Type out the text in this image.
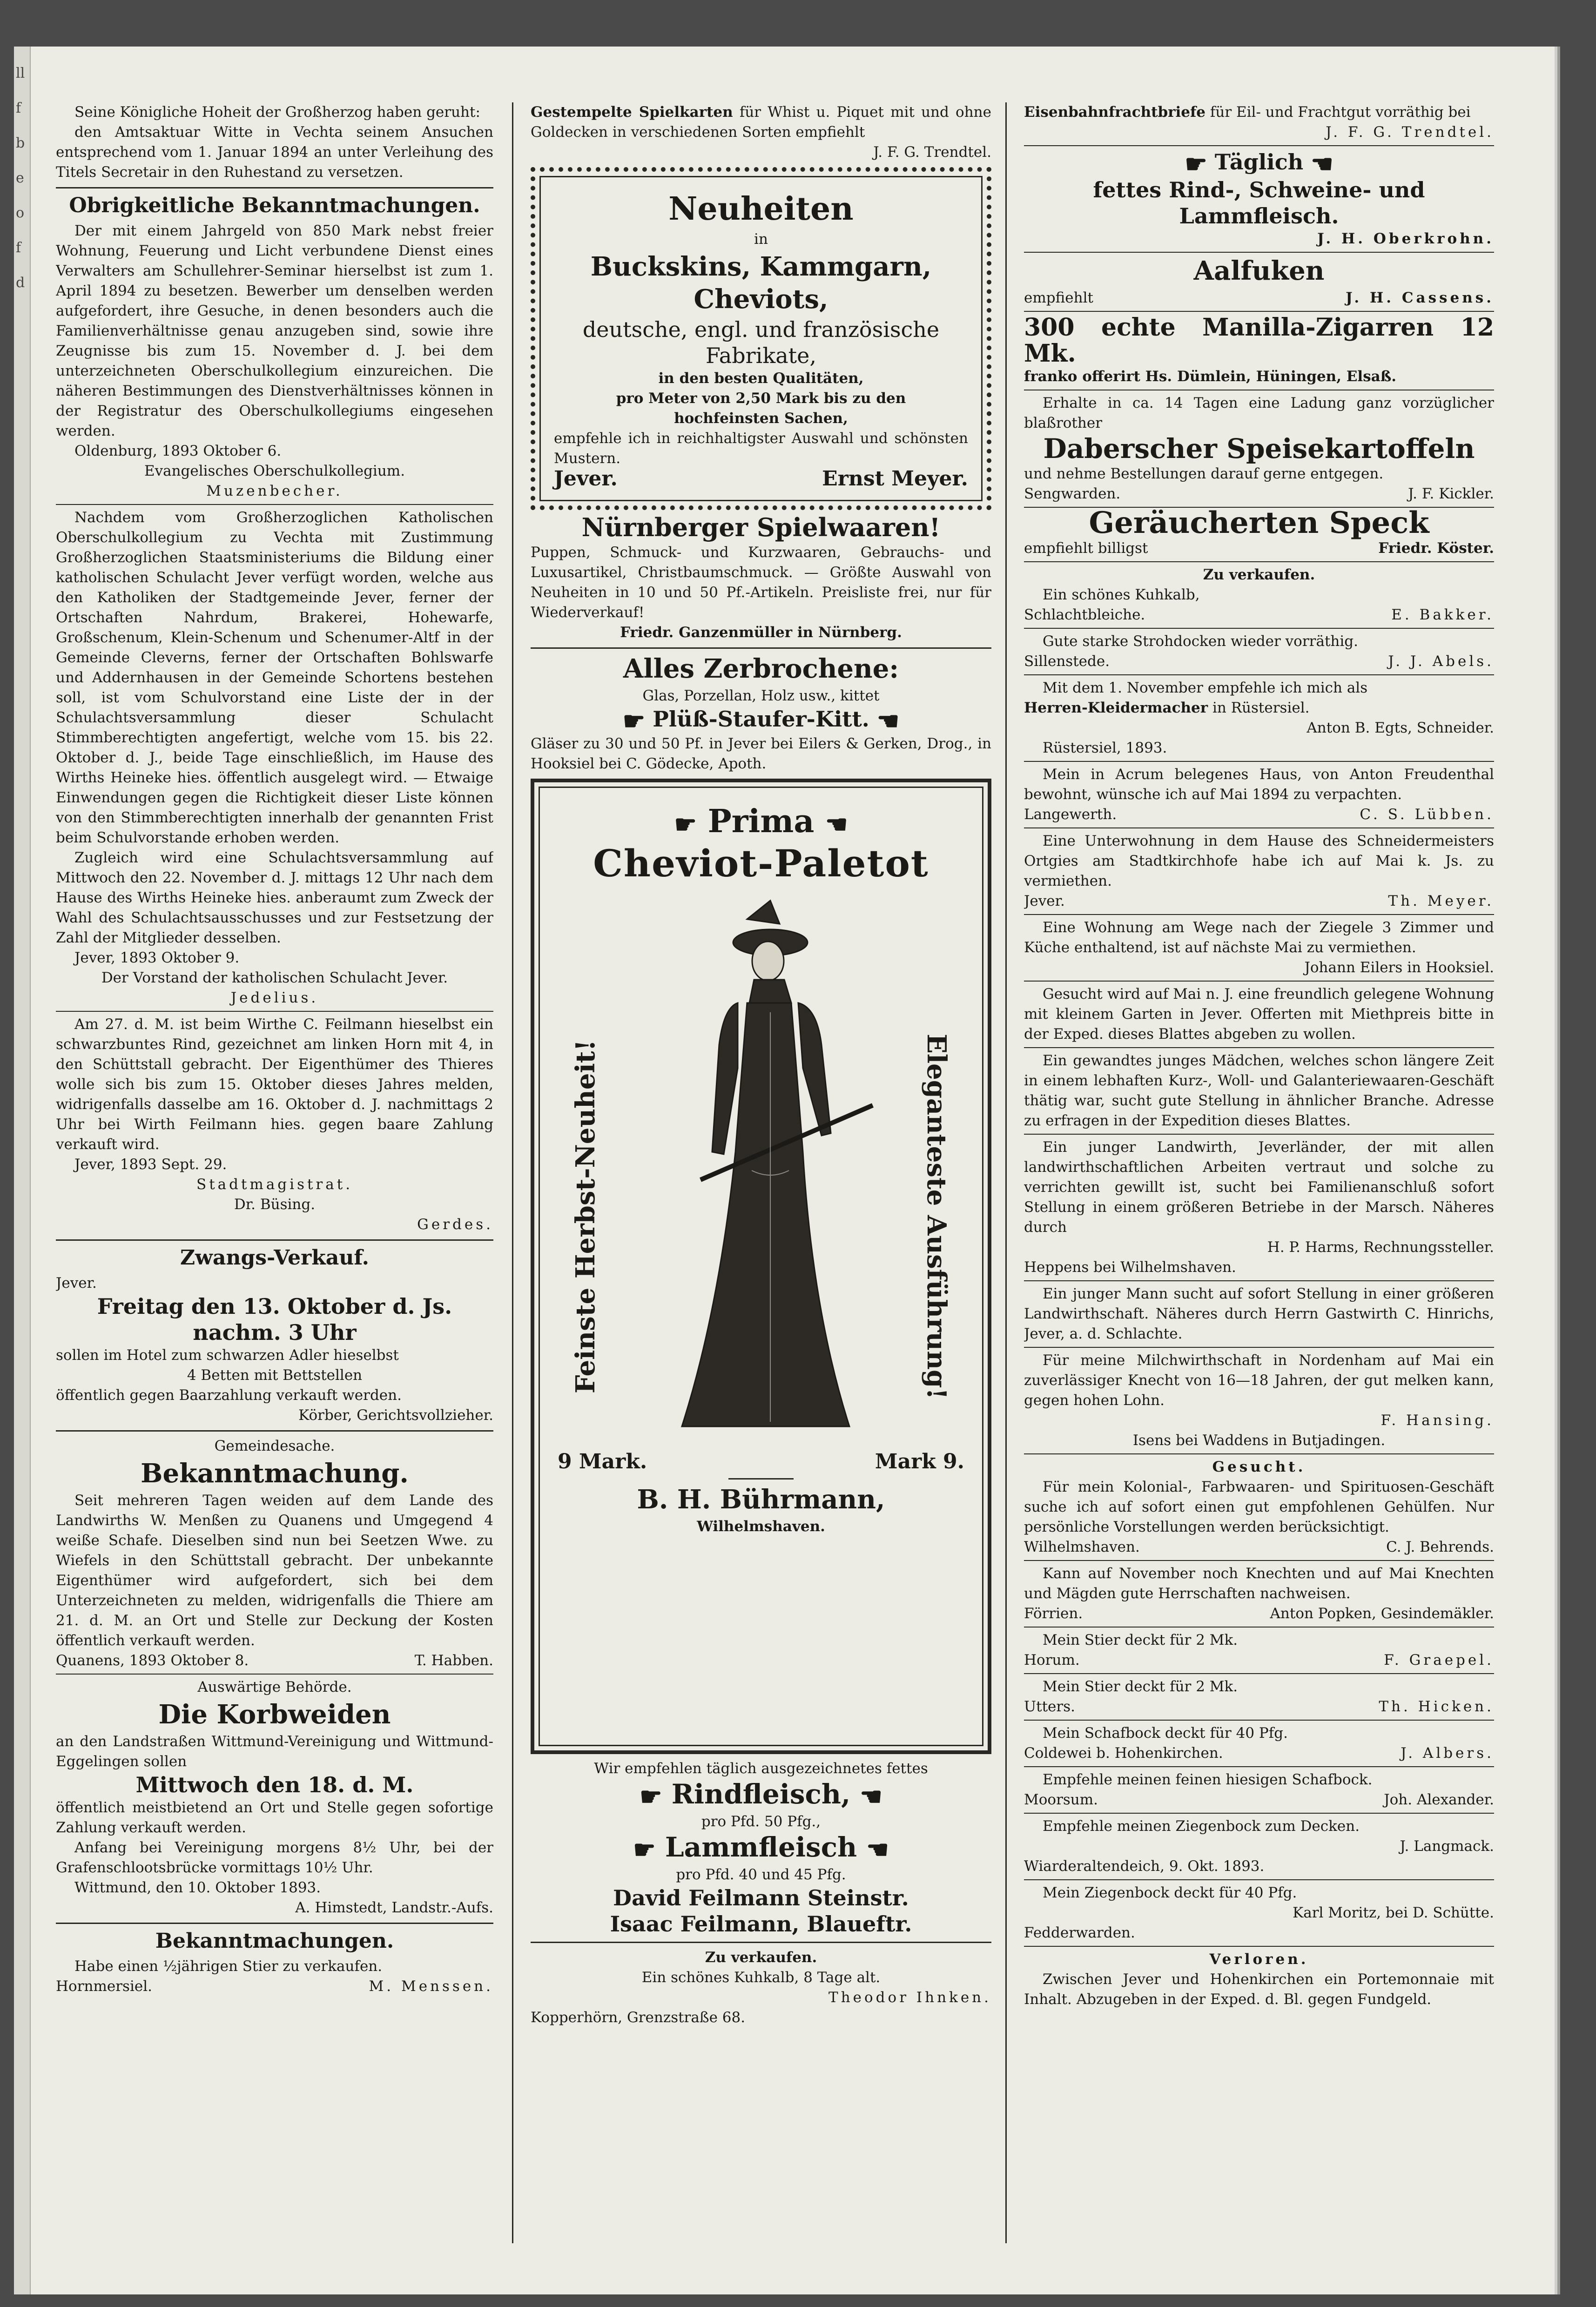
ll
f
b
e
o
f
d

Seine Königliche Hoheit der Großherzog haben geruht:

den Amtsaktuar Witte in Vechta seinem Ansuchen entsprechend vom 1. Januar 1894 an unter Verleihung des Titels Secretair in den Ruhestand zu versetzen.

Obrigkeitliche Bekanntmachungen.

Der mit einem Jahrgeld von 850 Mark nebst freier Wohnung, Feuerung und Licht verbundene Dienst eines Verwalters am Schullehrer-Seminar hierselbst ist zum 1. April 1894 zu besetzen. Bewerber um denselben werden aufgefordert, ihre Gesuche, in denen besonders auch die Familienverhältnisse genau anzugeben sind, sowie ihre Zeugnisse bis zum 15. November d. J. bei dem unterzeichneten Oberschulkollegium einzureichen. Die näheren Bestimmungen des Dienstverhältnisses können in der Registratur des Oberschulkollegiums eingesehen werden.

Oldenburg, 1893 Oktober 6.

Evangelisches Oberschulkollegium.

Muzenbecher.

Nachdem vom Großherzoglichen Katholischen Oberschulkollegium zu Vechta mit Zustimmung Großherzoglichen Staatsministeriums die Bildung einer katholischen Schulacht Jever verfügt worden, welche aus den Katholiken der Stadtgemeinde Jever, ferner der Ortschaften Nahrdum, Brakerei, Hohewarfe, Großschenum, Klein-Schenum und Schenumer-Altf in der Gemeinde Cleverns, ferner der Ortschaften Bohlswarfe und Addernhausen in der Gemeinde Schortens bestehen soll, ist vom Schulvorstand eine Liste der in der Schulachtsversammlung dieser Schulacht Stimmberechtigten angefertigt, welche vom 15. bis 22. Oktober d. J., beide Tage einschließlich, im Hause des Wirths Heineke hies. öffentlich ausgelegt wird. — Etwaige Einwendungen gegen die Richtigkeit dieser Liste können von den Stimmberechtigten innerhalb der genannten Frist beim Schulvorstande erhoben werden.

Zugleich wird eine Schulachtsversammlung auf Mittwoch den 22. November d. J. mittags 12 Uhr nach dem Hause des Wirths Heineke hies. anberaumt zum Zweck der Wahl des Schulachtsausschusses und zur Festsetzung der Zahl der Mitglieder desselben.

Jever, 1893 Oktober 9.

Der Vorstand der katholischen Schulacht Jever.

Jedelius.

Am 27. d. M. ist beim Wirthe C. Feilmann hieselbst ein schwarzbuntes Rind, gezeichnet am linken Horn mit 4, in den Schüttstall gebracht. Der Eigenthümer des Thieres wolle sich bis zum 15. Oktober dieses Jahres melden, widrigenfalls dasselbe am 16. Oktober d. J. nachmittags 2 Uhr bei Wirth Feilmann hies. gegen baare Zahlung verkauft wird.

Jever, 1893 Sept. 29.

Stadtmagistrat.

Dr. Büsing.

Gerdes.

Zwangs-Verkauf.

Jever.

Freitag den 13. Oktober d. Js.

nachm. 3 Uhr

sollen im Hotel zum schwarzen Adler hieselbst

4 Betten mit Bettstellen

öffentlich gegen Baarzahlung verkauft werden.

Körber, Gerichtsvollzieher.

Gemeindesache.

Bekanntmachung.

Seit mehreren Tagen weiden auf dem Lande des Landwirths W. Menßen zu Quanens und Umgegend 4 weiße Schafe. Dieselben sind nun bei Seetzen Wwe. zu Wiefels in den Schüttstall gebracht. Der unbekannte Eigenthümer wird aufgefordert, sich bei dem Unterzeichneten zu melden, widrigenfalls die Thiere am 21. d. M. an Ort und Stelle zur Deckung der Kosten öffentlich verkauft werden.

Quanens, 1893 Oktober 8.	T. Habben.

Auswärtige Behörde.

Die Korbweiden

an den Landstraßen Wittmund-Vereinigung und Wittmund-Eggelingen sollen

Mittwoch den 18. d. M.

öffentlich meistbietend an Ort und Stelle gegen sofortige Zahlung verkauft werden.

Anfang bei Vereinigung morgens 8½ Uhr, bei der Grafenschlootsbrücke vormittags 10½ Uhr.

Wittmund, den 10. Oktober 1893.

A. Himstedt, Landstr.-Aufs.

Bekanntmachungen.

Habe einen ½jährigen Stier zu verkaufen.

Hornmersiel.	M. Menssen.

Gestempelte Spielkarten für Whist u. Piquet mit und ohne Goldecken in verschiedenen Sorten empfiehlt

J. F. G. Trendtel.

Neuheiten

in

Buckskins, Kammgarn,
Cheviots,

deutsche, engl. und französische

Fabrikate,

in den besten Qualitäten,

pro Meter von 2,50 Mark bis zu den

hochfeinsten Sachen,

empfehle ich in reichhaltigster Auswahl und schönsten Mustern.

Jever.	Ernst Meyer.
Nürnberger Spielwaaren!

Puppen, Schmuck- und Kurzwaaren, Gebrauchs- und Luxusartikel, Christbaumschmuck. — Größte Auswahl von Neuheiten in 10 und 50 Pf.-Artikeln. Preisliste frei, nur für Wiederverkauf!

Friedr. Ganzenmüller in Nürnberg.

Alles Zerbrochene:

Glas, Porzellan, Holz usw., kittet

☛ Plüß-Staufer-Kitt. ☚

Gläser zu 30 und 50 Pf. in Jever bei Eilers & Gerken, Drog., in Hooksiel bei C. Gödecke, Apoth.

☛ Prima ☚
Cheviot-Paletot
Feinste Herbst-Neuheit!	Eleganteste Ausführung!
9 Mark.	Mark 9.
B. H. Bührmann,

Wilhelmshaven.

Wir empfehlen täglich ausgezeichnetes fettes

☛ Rindfleisch, ☚

pro Pfd. 50 Pfg.,

☛ Lammfleisch ☚

pro Pfd. 40 und 45 Pfg.

David Feilmann Steinstr.

Isaac Feilmann, Blaueftr.

Zu verkaufen.

Ein schönes Kuhkalb, 8 Tage alt.

Theodor Ihnken.

Kopperhörn, Grenzstraße 68.

Eisenbahnfrachtbriefe für Eil- und Frachtgut vorräthig bei

J. F. G. Trendtel.

☛ Täglich ☚

fettes Rind-, Schweine- und

Lammfleisch.

J. H. Oberkrohn.

Aalfuken
empfiehlt	J. H. Cassens.

300 echte Manilla-Zigarren 12 Mk.

franko offerirt Hs. Dümlein, Hüningen, Elsaß.

Erhalte in ca. 14 Tagen eine Ladung ganz vorzüglicher blaßrother

Daberscher Speisekartoffeln

und nehme Bestellungen darauf gerne entgegen.

Sengwarden.	J. F. Kickler.
Geräucherten Speck
empfiehlt billigst	Friedr. Köster.

Zu verkaufen.

Ein schönes Kuhkalb,

Schlachtbleiche.	E. Bakker.

Gute starke Strohdocken wieder vorräthig.

Sillenstede.	J. J. Abels.

Mit dem 1. November empfehle ich mich als

Herren-Kleidermacher in Rüstersiel.

Anton B. Egts, Schneider.

Rüstersiel, 1893.

Mein in Acrum belegenes Haus, von Anton Freudenthal bewohnt, wünsche ich auf Mai 1894 zu verpachten.

Langewerth.	C. S. Lübben.

Eine Unterwohnung in dem Hause des Schneidermeisters Ortgies am Stadtkirchhofe habe ich auf Mai k. Js. zu vermiethen.

Jever.	Th. Meyer.

Eine Wohnung am Wege nach der Ziegele 3 Zimmer und Küche enthaltend, ist auf nächste Mai zu vermiethen.

Johann Eilers in Hooksiel.

Gesucht wird auf Mai n. J. eine freundlich gelegene Wohnung mit kleinem Garten in Jever. Offerten mit Miethpreis bitte in der Exped. dieses Blattes abgeben zu wollen.

Ein gewandtes junges Mädchen, welches schon längere Zeit in einem lebhaften Kurz-, Woll- und Galanteriewaaren-Geschäft thätig war, sucht gute Stellung in ähnlicher Branche. Adresse zu erfragen in der Expedition dieses Blattes.

Ein junger Landwirth, Jeverländer, der mit allen landwirthschaftlichen Arbeiten vertraut und solche zu verrichten gewillt ist, sucht bei Familienanschluß sofort Stellung in einem größeren Betriebe in der Marsch. Näheres durch

H. P. Harms, Rechnungssteller.

Heppens bei Wilhelmshaven.

Ein junger Mann sucht auf sofort Stellung in einer größeren Landwirthschaft. Näheres durch Herrn Gastwirth C. Hinrichs, Jever, a. d. Schlachte.

Für meine Milchwirthschaft in Nordenham auf Mai ein zuverlässiger Knecht von 16—18 Jahren, der gut melken kann, gegen hohen Lohn.

F. Hansing.

Isens bei Waddens in Butjadingen.

Gesucht.

Für mein Kolonial-, Farbwaaren- und Spirituosen-Geschäft suche ich auf sofort einen gut empfohlenen Gehülfen. Nur persönliche Vorstellungen werden berücksichtigt.

Wilhelmshaven.	C. J. Behrends.

Kann auf November noch Knechten und auf Mai Knechten und Mägden gute Herrschaften nachweisen.

Förrien.	Anton Popken, Gesindemäkler.

Mein Stier deckt für 2 Mk.

Horum.	F. Graepel.

Mein Stier deckt für 2 Mk.

Utters.	Th. Hicken.

Mein Schafbock deckt für 40 Pfg.

Coldewei b. Hohenkirchen.	J. Albers.

Empfehle meinen feinen hiesigen Schafbock.

Moorsum.	Joh. Alexander.

Empfehle meinen Ziegenbock zum Decken.

J. Langmack.

Wiarderaltendeich, 9. Okt. 1893.

Mein Ziegenbock deckt für 40 Pfg.

Karl Moritz, bei D. Schütte.

Fedderwarden.

Verloren.

Zwischen Jever und Hohenkirchen ein Portemonnaie mit Inhalt. Abzugeben in der Exped. d. Bl. gegen Fundgeld.
